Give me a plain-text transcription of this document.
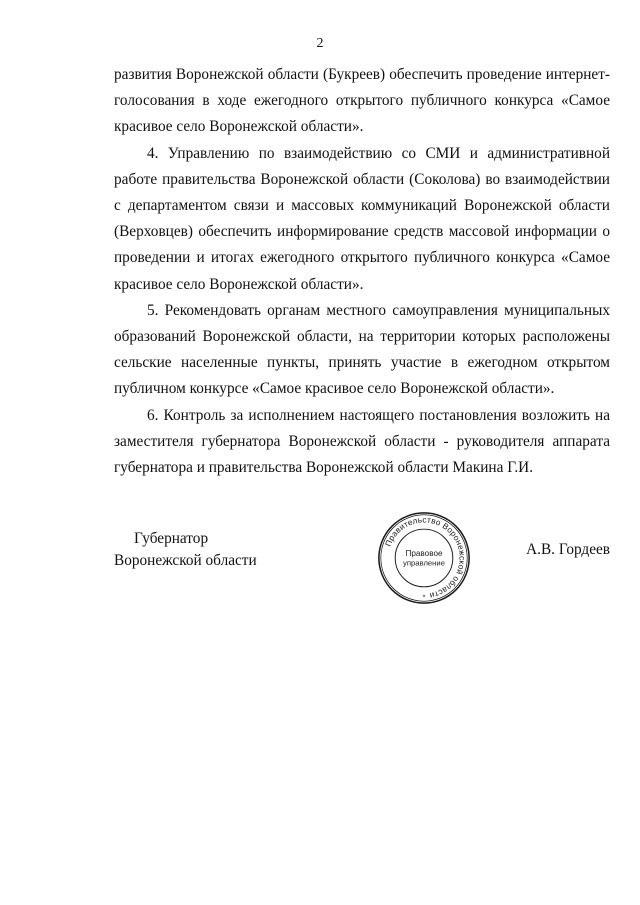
2

развития Воронежской области (Букреев) обеспечить проведение интернет-голосования в ходе ежегодного открытого публичного конкурса «Самое красивое село Воронежской области».

4. Управлению по взаимодействию со СМИ и административной работе правительства Воронежской области (Соколова) во взаимодействии с департаментом связи и массовых коммуникаций Воронежской области (Верховцев) обеспечить информирование средств массовой информации о проведении и итогах ежегодного открытого публичного конкурса «Самое красивое село Воронежской области».

5. Рекомендовать органам местного самоуправления муниципальных образований Воронежской области, на территории которых расположены сельские населенные пункты, принять участие в ежегодном открытом публичном конкурсе «Самое красивое село Воронежской области».

6. Контроль за исполнением настоящего постановления возложить на заместителя губернатора Воронежской области - руководителя аппарата губернатора и правительства Воронежской области Макина Г.И.

Губернатор
Воронежской области
Правительство Воронежской области
Правовое
управление
*
А.В. Гордеев
